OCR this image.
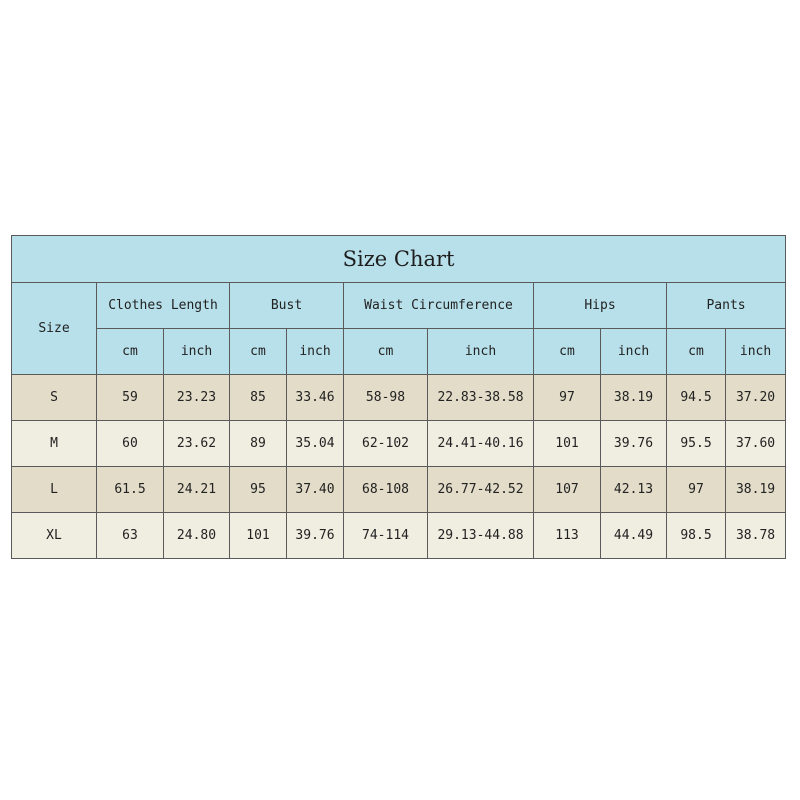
Size Chart										
Size	Clothes Length		Bust		Waist Circumference		Hips		Pants	
	cm	inch	cm	inch	cm	inch	cm	inch	cm	inch
S	59	23.23	85	33.46	58-98	22.83-38.58	97	38.19	94.5	37.20
M	60	23.62	89	35.04	62-102	24.41-40.16	101	39.76	95.5	37.60
L	61.5	24.21	95	37.40	68-108	26.77-42.52	107	42.13	97	38.19
XL	63	24.80	101	39.76	74-114	29.13-44.88	113	44.49	98.5	38.78
